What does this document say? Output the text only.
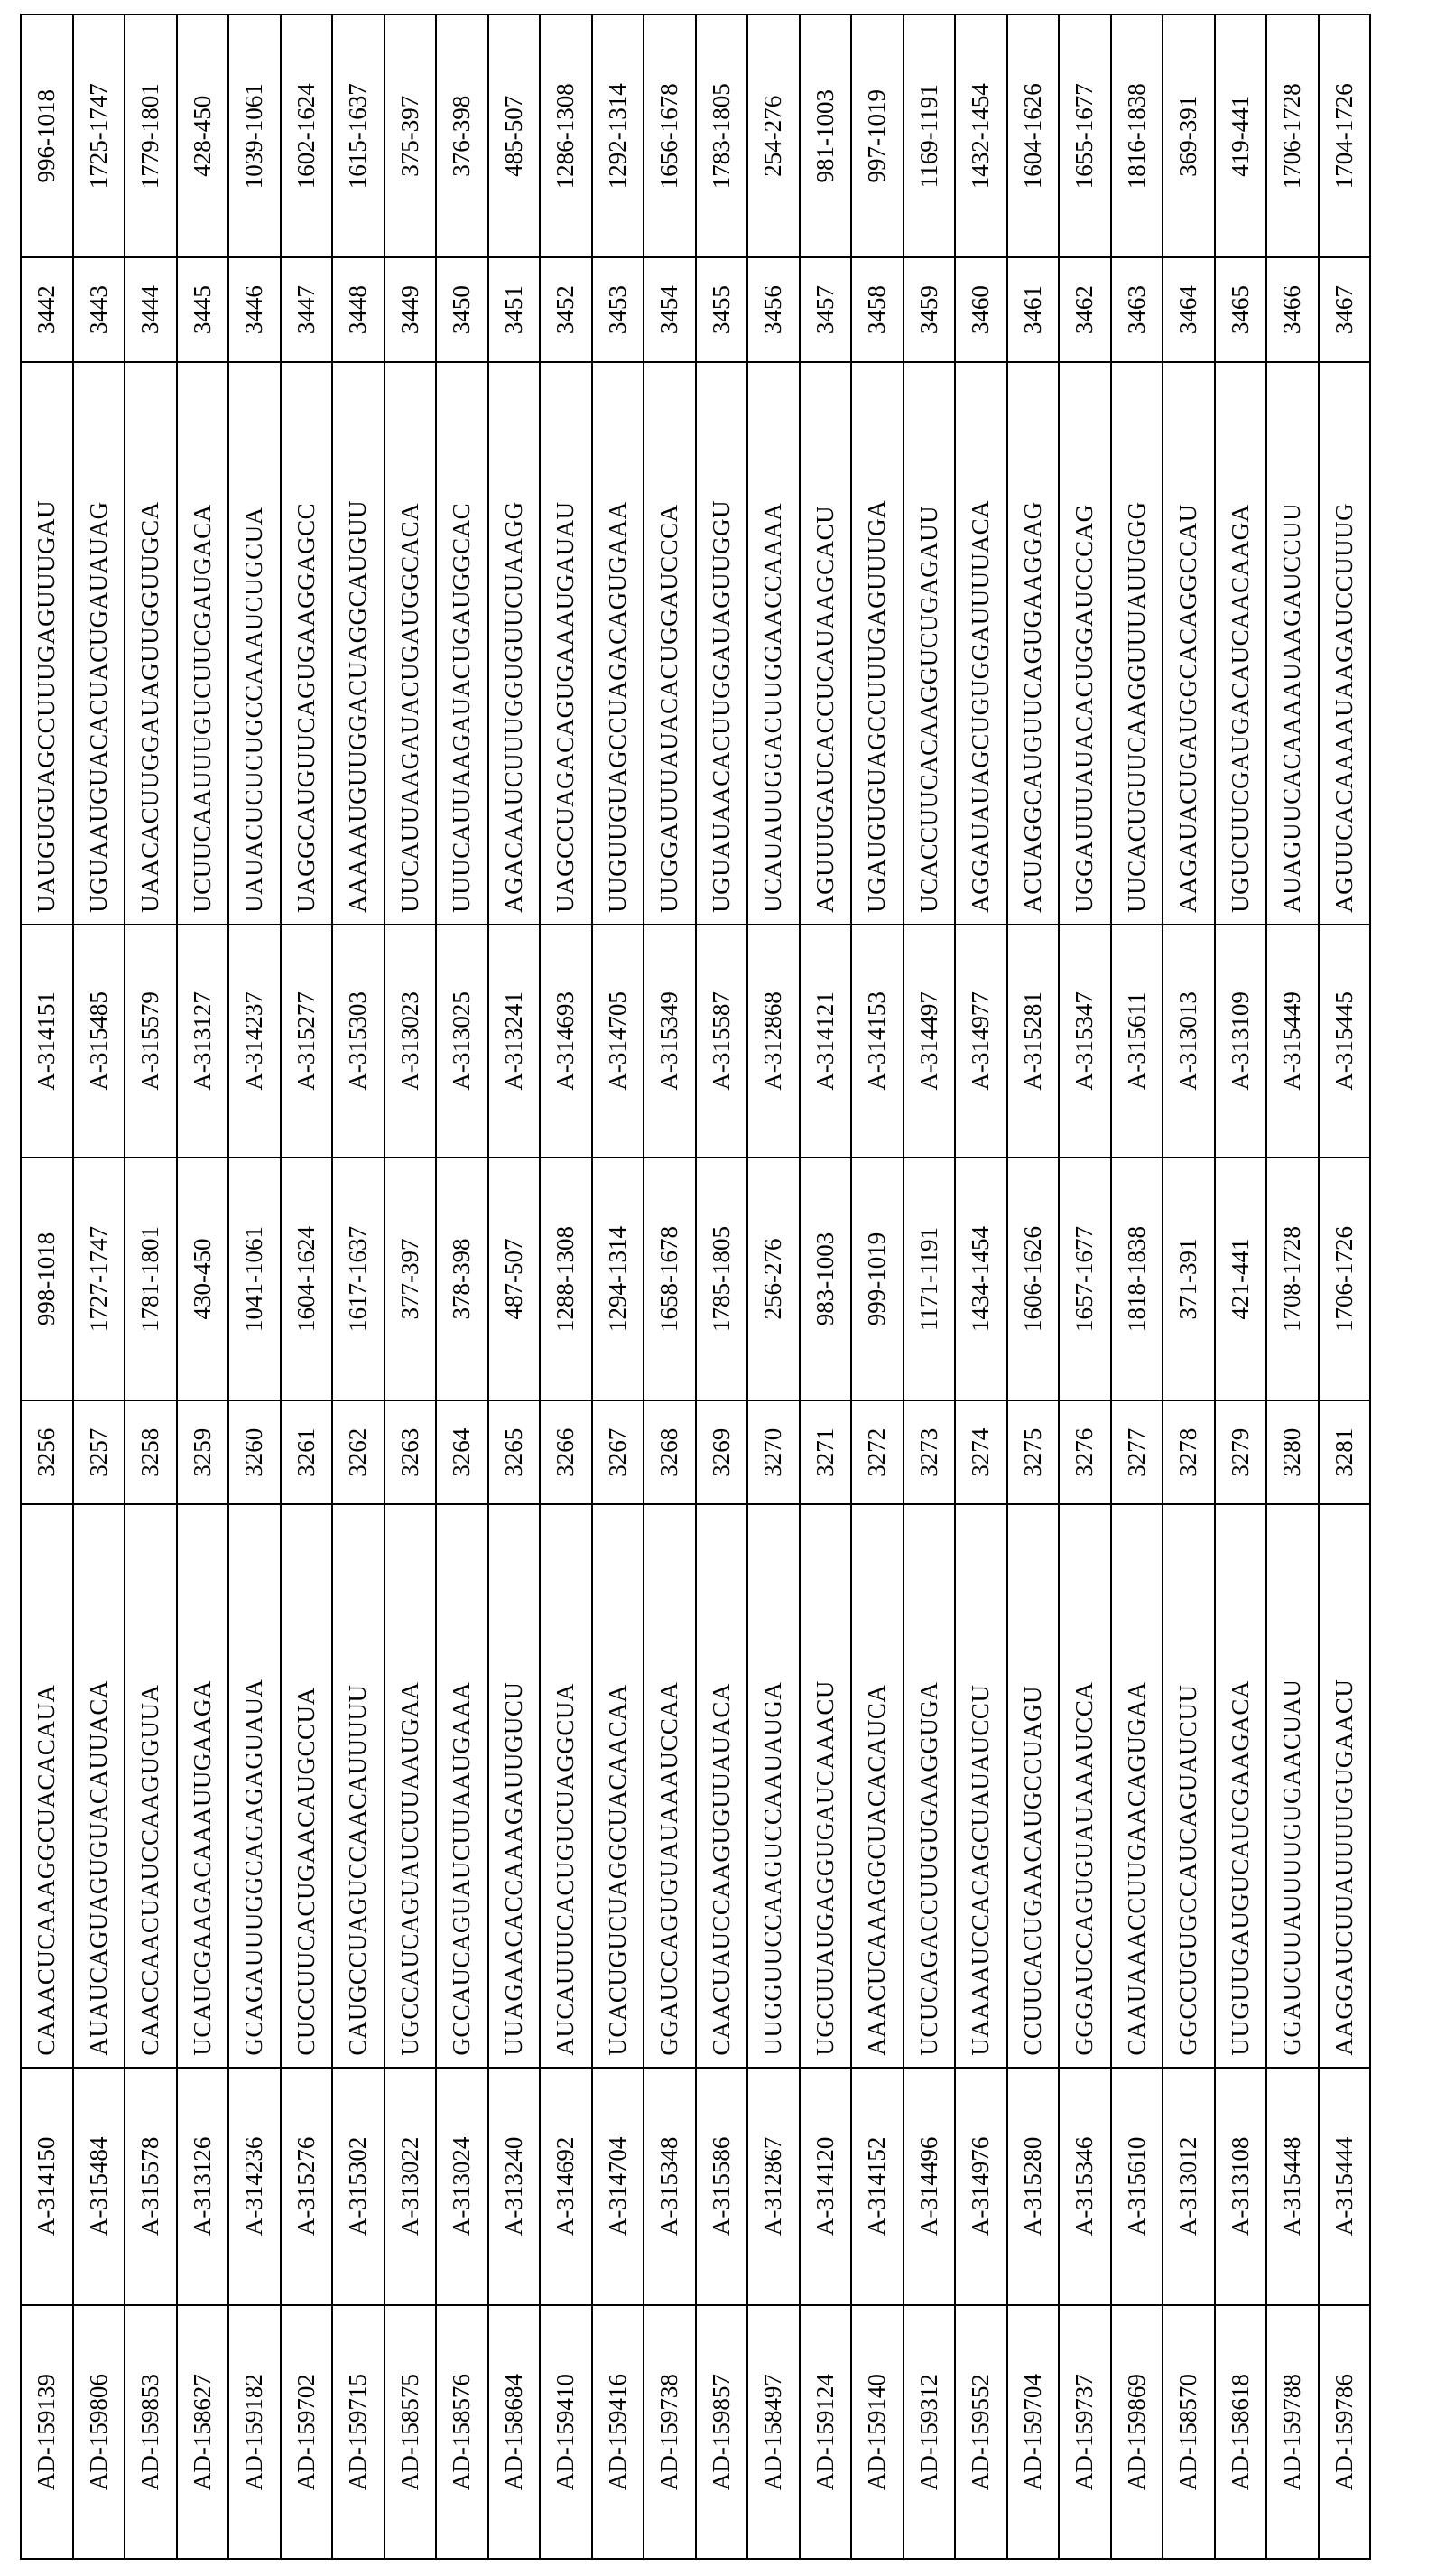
AD-159139	A-314150	CAAACUCAAAGGCUACACAUA	3256	998-1018	A-314151	UAUGUGUAGCCUUUGAGUUUGAU	3442	996-1018
AD-159806	A-315484	AUAUCAGUAGUGUACAUUACA	3257	1727-1747	A-315485	UGUAAUGUACACUACUGAUAUAG	3443	1725-1747
AD-159853	A-315578	CAACCAACUAUCCAAGUGUUA	3258	1781-1801	A-315579	UAACACUUGGAUAGUUGGUUGCA	3444	1779-1801
AD-158627	A-313126	UCAUCGAAGACAAAUUGAAGA	3259	430-450	A-313127	UCUUCAAUUUGUCUUCGAUGACA	3445	428-450
AD-159182	A-314236	GCAGAUUUGGCAGAGAGUAUA	3260	1041-1061	A-314237	UAUACUCUCUGCCAAAUCUGCUA	3446	1039-1061
AD-159702	A-315276	CUCCUUCACUGAACAUGCCUA	3261	1604-1624	A-315277	UAGGCAUGUUCAGUGAAGGAGCC	3447	1602-1624
AD-159715	A-315302	CAUGCCUAGUCCAACAUUUUU	3262	1617-1637	A-315303	AAAAAUGUUGGACUAGGCAUGUU	3448	1615-1637
AD-158575	A-313022	UGCCAUCAGUAUCUUAAUGAA	3263	377-397	A-313023	UUCAUUAAGAUACUGAUGGCACA	3449	375-397
AD-158576	A-313024	GCCAUCAGUAUCUUAAUGAAA	3264	378-398	A-313025	UUUCAUUAAGAUACUGAUGGCAC	3450	376-398
AD-158684	A-313240	UUAGAACACCAAAGAUUGUCU	3265	487-507	A-313241	AGACAAUCUUUGGUGUUCUAAGG	3451	485-507
AD-159410	A-314692	AUCAUUUCACUGUCUAGGCUA	3266	1288-1308	A-314693	UAGCCUAGACAGUGAAAUGAUAU	3452	1286-1308
AD-159416	A-314704	UCACUGUCUAGGCUACAACAA	3267	1294-1314	A-314705	UUGUUGUAGCCUAGACAGUGAAA	3453	1292-1314
AD-159738	A-315348	GGAUCCAGUGUAUAAAUCCAA	3268	1658-1678	A-315349	UUGGAUUUAUACACUGGAUCCCA	3454	1656-1678
AD-159857	A-315586	CAACUAUCCAAGUGUUAUACA	3269	1785-1805	A-315587	UGUAUAACACUUGGAUAGUUGGU	3455	1783-1805
AD-158497	A-312867	UUGGUUCCAAGUCCAAUAUGA	3270	256-276	A-312868	UCAUAUUGGACUUGGAACCAAAA	3456	254-276
AD-159124	A-314120	UGCUUAUGAGGUGAUCAAACU	3271	983-1003	A-314121	AGUUUGAUCACCUCAUAAGCACU	3457	981-1003
AD-159140	A-314152	AAACUCAAAGGCUACACAUCA	3272	999-1019	A-314153	UGAUGUGUAGCCUUUGAGUUUGA	3458	997-1019
AD-159312	A-314496	UCUCAGACCUUGUGAAGGUGA	3273	1171-1191	A-314497	UCACCUUCACAAGGUCUGAGAUU	3459	1169-1191
AD-159552	A-314976	UAAAAUCCACAGCUAUAUCCU	3274	1434-1454	A-314977	AGGAUAUAGCUGUGGAUUUUACA	3460	1432-1454
AD-159704	A-315280	CCUUCACUGAACAUGCCUAGU	3275	1606-1626	A-315281	ACUAGGCAUGUUCAGUGAAGGAG	3461	1604-1626
AD-159737	A-315346	GGGAUCCAGUGUAUAAAUCCA	3276	1657-1677	A-315347	UGGAUUUAUACACUGGAUCCCAG	3462	1655-1677
AD-159869	A-315610	CAAUAAACCUUGAACAGUGAA	3277	1818-1838	A-315611	UUCACUGUUCAAGGUUUAUUGGG	3463	1816-1838
AD-158570	A-313012	GGCCUGUGCCAUCAGUAUCUU	3278	371-391	A-313013	AAGAUACUGAUGGCACAGGCCAU	3464	369-391
AD-158618	A-313108	UUGUUGAUGUCAUCGAAGACA	3279	421-441	A-313109	UGUCUUCGAUGACAUCAACAAGA	3465	419-441
AD-159788	A-315448	GGAUCUUAUUUUGUGAACUAU	3280	1708-1728	A-315449	AUAGUUCACAAAAUAAGAUCCUU	3466	1706-1728
AD-159786	A-315444	AAGGAUCUUAUUUUGUGAACU	3281	1706-1726	A-315445	AGUUCACAAAAUAAGAUCCUUUG	3467	1704-1726
